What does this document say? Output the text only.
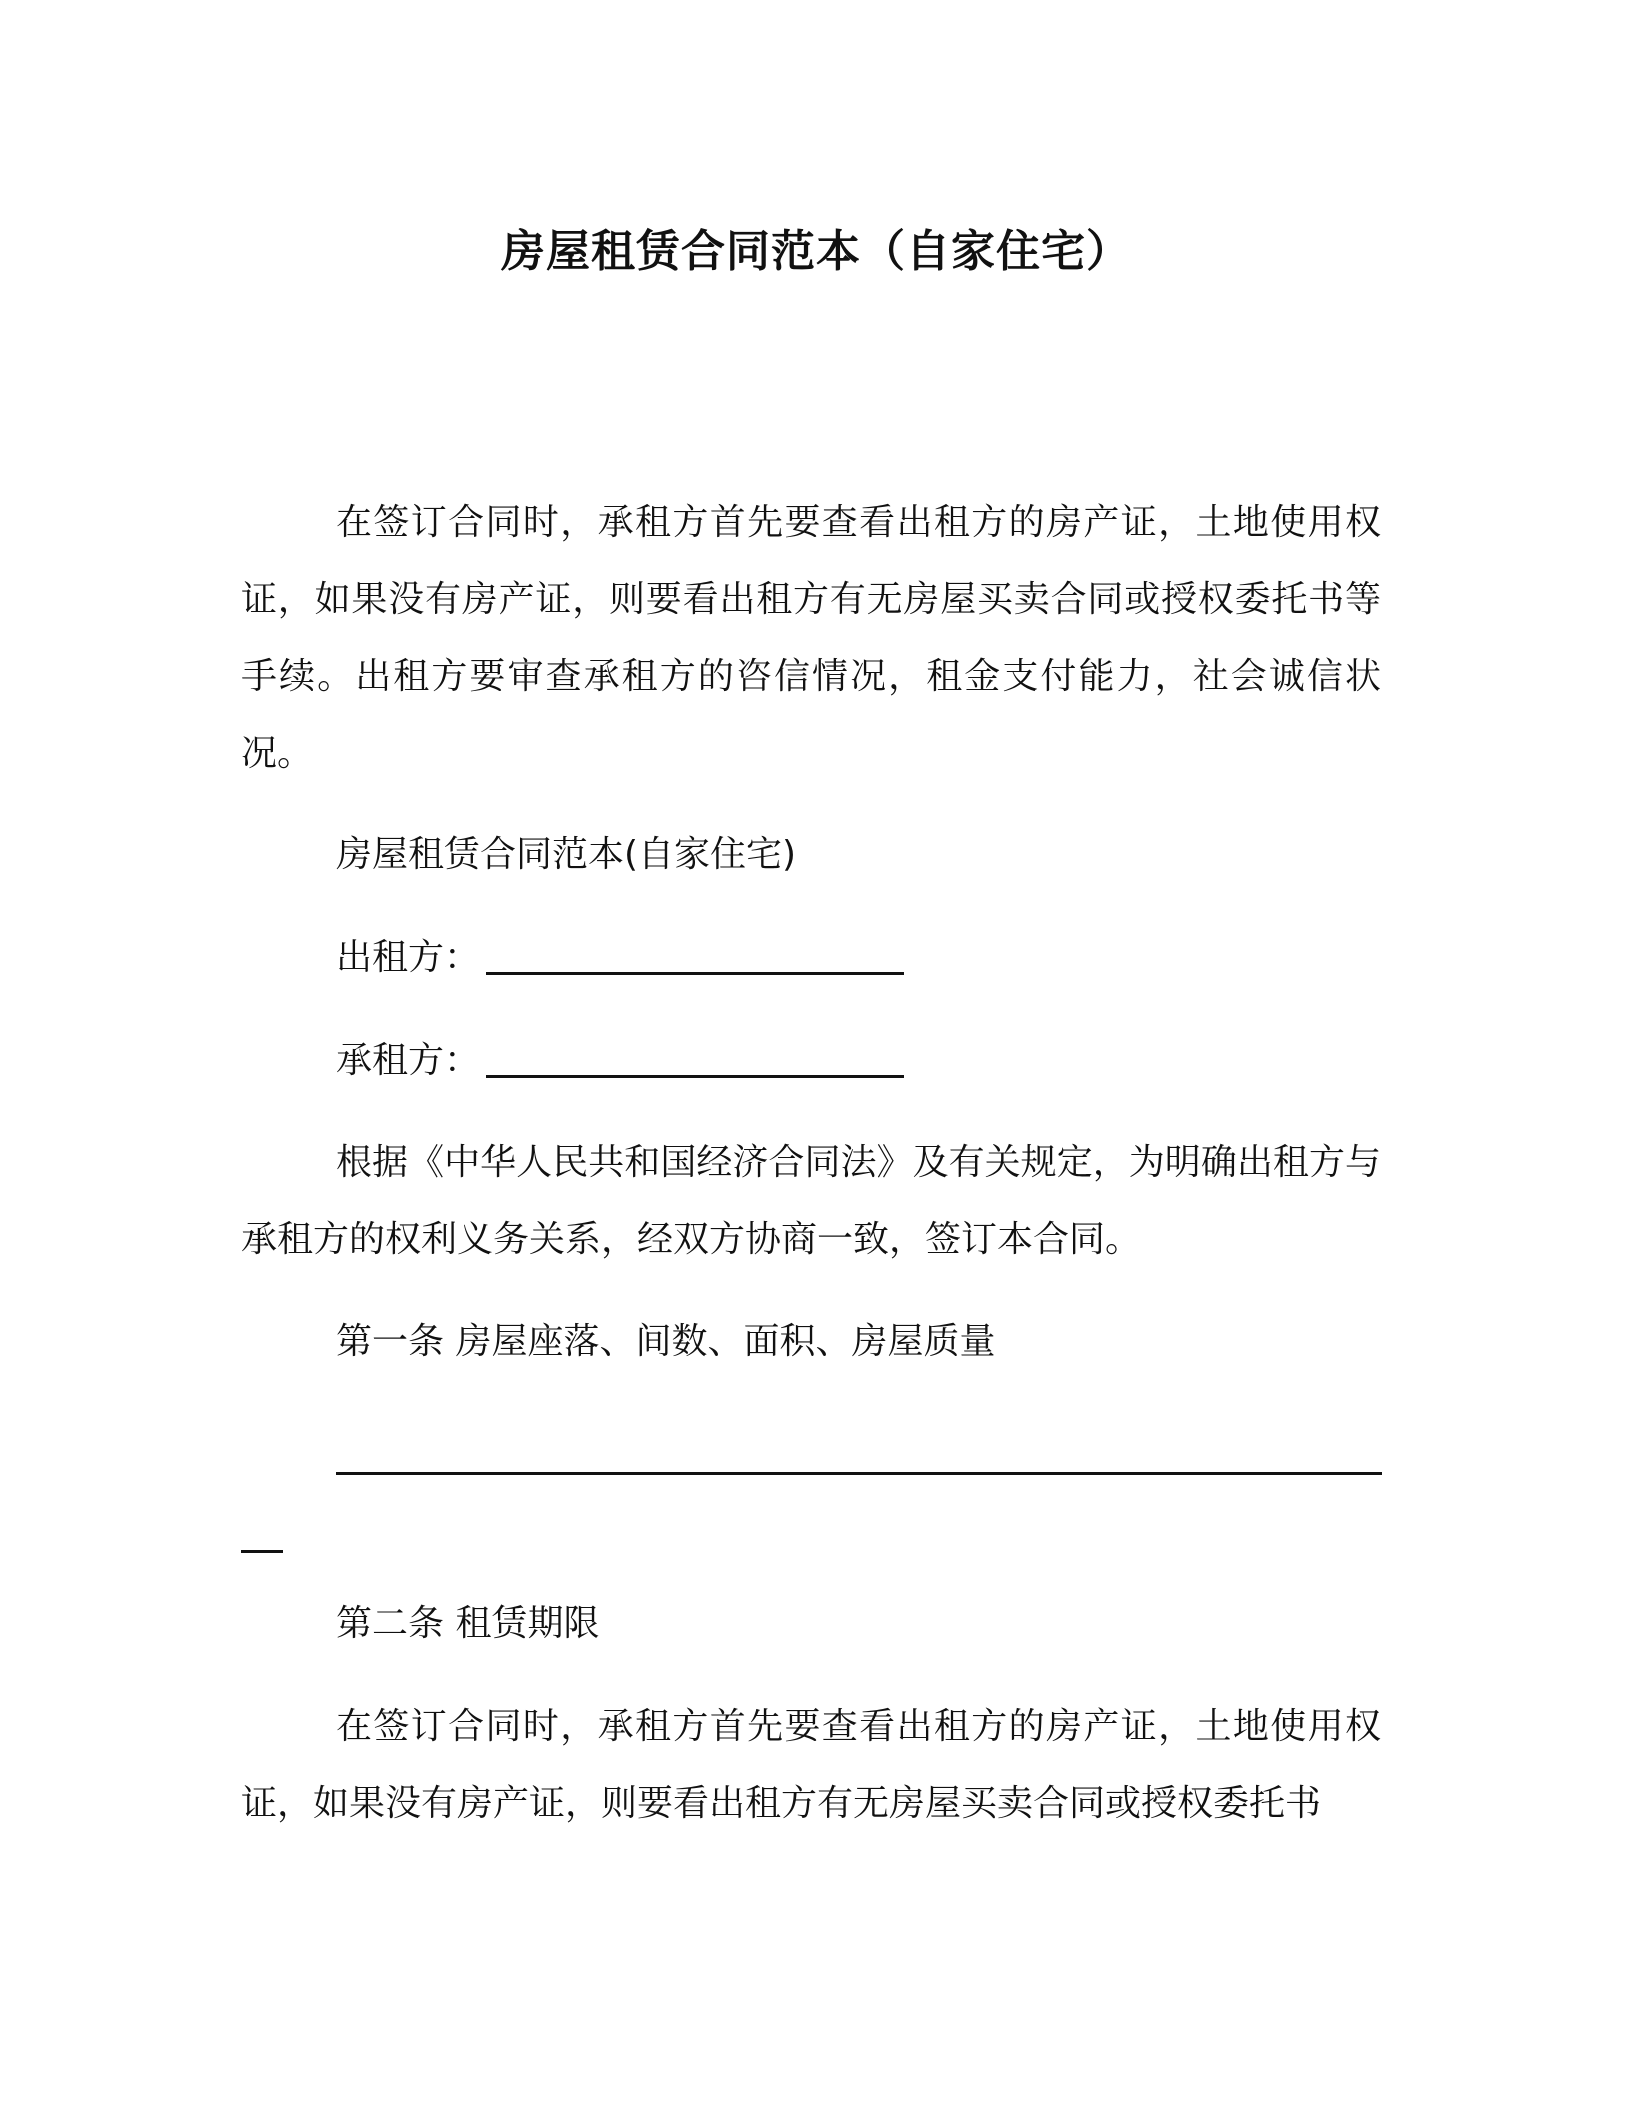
房屋租赁合同范本（自家住宅）
在签订合同时，承租方首先要查看出租方的房产证，土地使用权证，如果没有房产证，则要看出租方有无房屋买卖合同或授权委托书等手续。出租方要审查承租方的咨信情况，租金支付能力，社会诚信状况。
房屋租赁合同范本(自家住宅)
出租方：
承租方：
根据《中华人民共和国经济合同法》及有关规定，为明确出租方与承租方的权利义务关系，经双方协商一致，签订本合同。
第一条 房屋座落、间数、面积、房屋质量
第二条 租赁期限
在签订合同时，承租方首先要查看出租方的房产证，土地使用权证，如果没有房产证，则要看出租方有无房屋买卖合同或授权委托书
